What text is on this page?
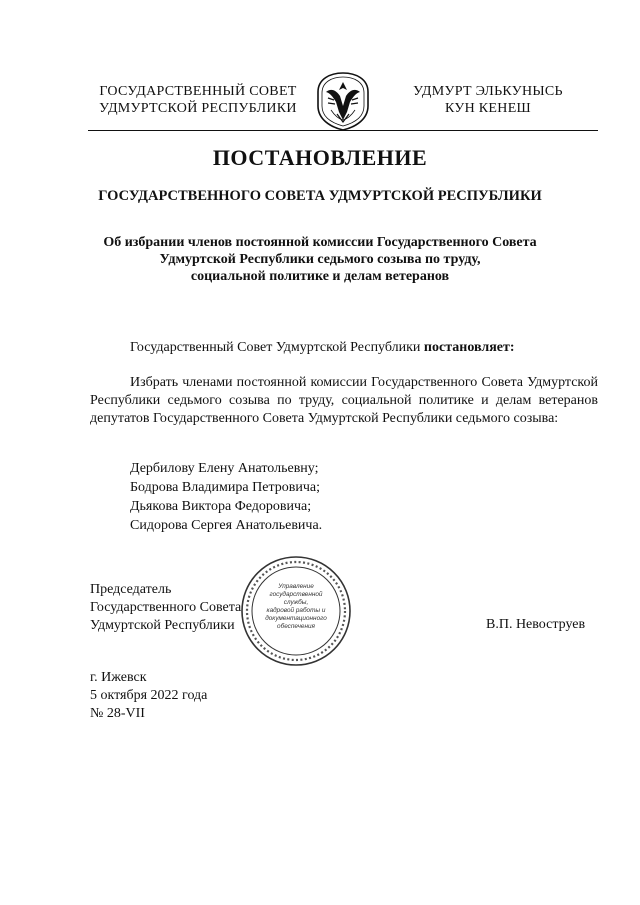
ГОСУДАРСТВЕННЫЙ СОВЕТ
УДМУРТСКОЙ РЕСПУБЛИКИ
УДМУРТ ЭЛЬКУНЫСЬ
КУН КЕНЕШ
ПОСТАНОВЛЕНИЕ
ГОСУДАРСТВЕННОГО СОВЕТА УДМУРТСКОЙ РЕСПУБЛИКИ
Об избрании членов постоянной комиссии Государственного Совета
Удмуртской Республики седьмого созыва по труду,
социальной политике и делам ветеранов
Государственный Совет Удмуртской Республики постановляет:

Избрать членами постоянной комиссии Государственного Совета Удмуртской Республики седьмого созыва по труду, социальной политике и делам ветеранов депутатов Государственного Совета Удмуртской Республики седьмого созыва:

Дербилову Елену Анатольевну;
Бодрова Владимира Петровича;
Дьякова Виктора Федоровича;
Сидорова Сергея Анатольевича.
Председатель
Государственного Совета
Удмуртской Республики
Управление
государственной
службы,
кадровой работы и
документационного
обеспечения	В.П. Невоструев
г. Ижевск
5 октября 2022 года
№ 28-VII
